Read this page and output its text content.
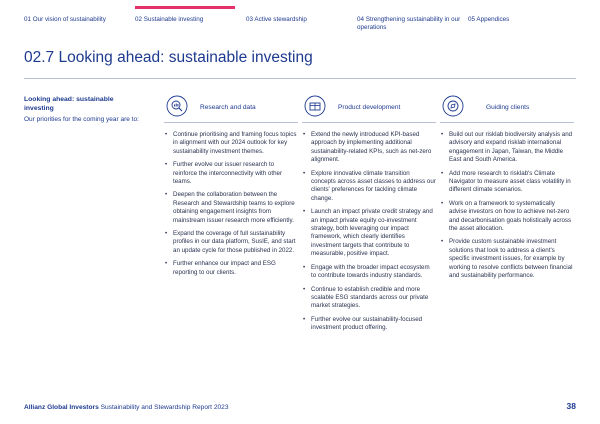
01 Our vision of sustainability	02 Sustainable investing	03 Active stewardship	04 Strengthening sustainability in our operations
05 Appendices
02.7 Looking ahead: sustainable investing
Looking ahead: sustainable investing
Our priorities for the coming year are to:
Research and data
• Continue prioritising and framing focus topics in alignment with our 2024 outlook for key sustainability investment themes.
• Further evolve our issuer research to reinforce the interconnectivity with other teams.
• Deepen the collaboration between the Research and Stewardship teams to explore obtaining engagement insights from mainstream issuer research more efficiently.
• Expand the coverage of full sustainability profiles in our data platform, SusIE, and start an update cycle for those published in 2022.
• Further enhance our impact and ESG reporting to our clients.
Product development
• Extend the newly introduced KPI-based approach by implementing additional sustainability-related KPIs, such as net-zero alignment.
• Explore innovative climate transition concepts across asset classes to address our clients' preferences for tackling climate change.
• Launch an impact private credit strategy and an impact private equity co-investment strategy, both leveraging our impact framework, which clearly identifies investment targets that contribute to measurable, positive impact.
• Engage with the broader impact ecosystem to contribute towards industry standards.
• Continue to establish credible and more scalable ESG standards across our private market strategies.
• Further evolve our sustainability-focused investment product offering.
Guiding clients
• Build out our risklab biodiversity analysis and advisory and expand risklab international engagement in Japan, Taiwan, the Middle East and South America.
• Add more research to risklab's Climate Navigator to measure asset class volatility in different climate scenarios.
• Work on a framework to systematically advise investors on how to achieve net-zero and decarbonisation goals holistically across the asset allocation.
• Provide custom sustainable investment solutions that look to address a client's specific investment issues, for example by working to resolve conflicts between financial and sustainability performance.
Allianz Global Investors Sustainability and Stewardship Report 2023	38
